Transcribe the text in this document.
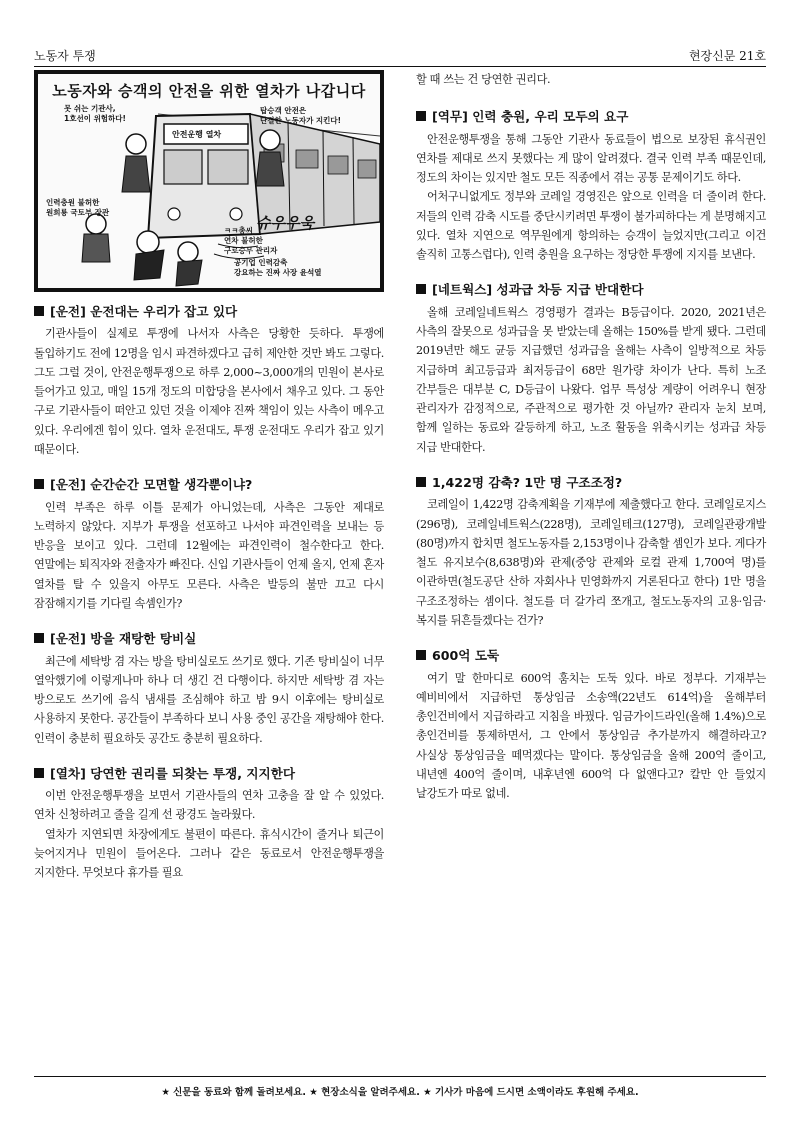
노동자 투쟁	현장신문 21호
노동자와 승객의 안전을 위한 열차가 나갑니다
못 쉬는 기관사,
1호선이 위험하다!
탑승객 안전은
단결한 노동자가 지킨다!
안전운행 열차
인력충원 불허한
원희룡 국토부 장관
슈우우욱
ㅋㅋ총씨
연차 불허한
구로승무 관리자
공기업 인력감축
강요하는 진짜 사장 윤석열
[운전] 운전대는 우리가 잡고 있다

기관사들이 실제로 투쟁에 나서자 사측은 당황한 듯하다. 투쟁에 돌입하기도 전에 12명을 임시 파견하겠다고 급히 제안한 것만 봐도 그렇다. 그도 그럴 것이, 안전운행투쟁으로 하루 2,000~3,000개의 민원이 본사로 들어가고 있고, 매일 15개 정도의 미합당을 본사에서 채우고 있다. 그 동안 구로 기관사들이 떠안고 있던 것을 이제야 진짜 책임이 있는 사측이 메우고 있다. 우리에겐 힘이 있다. 열차 운전대도, 투쟁 운전대도 우리가 잡고 있기 때문이다.

[운전] 순간순간 모면할 생각뿐이냐?

인력 부족은 하루 이틀 문제가 아니었는데, 사측은 그동안 제대로 노력하지 않았다. 지부가 투쟁을 선포하고 나서야 파견인력을 보내는 등 반응을 보이고 있다. 그런데 12월에는 파견인력이 철수한다고 한다. 연말에는 퇴직자와 전출자가 빠진다. 신입 기관사들이 언제 올지, 언제 혼자 열차를 탈 수 있을지 아무도 모른다. 사측은 발등의 불만 끄고 다시 잠잠해지기를 기다릴 속셈인가?

[운전] 방을 재탕한 탕비실

최근에 세탁방 겸 자는 방을 탕비실로도 쓰기로 했다. 기존 탕비실이 너무 열악했기에 이렇게나마 하나 더 생긴 건 다행이다. 하지만 세탁방 겸 자는 방으로도 쓰기에 음식 냄새를 조심해야 하고 밤 9시 이후에는 탕비실로 사용하지 못한다. 공간들이 부족하다 보니 사용 중인 공간을 재탕해야 한다. 인력이 충분히 필요하듯 공간도 충분히 필요하다.

[열차] 당연한 권리를 되찾는 투쟁, 지지한다

이번 안전운행투쟁을 보면서 기관사들의 연차 고충을 잘 알 수 있었다. 연차 신청하려고 줄을 길게 선 광경도 놀라웠다.

열차가 지연되면 차장에게도 불편이 따른다. 휴식시간이 줄거나 퇴근이 늦어지거나 민원이 들어온다. 그러나 같은 동료로서 안전운행투쟁을 지지한다. 무엇보다 휴가를 필요

할 때 쓰는 건 당연한 권리다.

[역무] 인력 충원, 우리 모두의 요구

안전운행투쟁을 통해 그동안 기관사 동료들이 법으로 보장된 휴식권인 연차를 제대로 쓰지 못했다는 게 많이 알려졌다. 결국 인력 부족 때문인데, 정도의 차이는 있지만 철도 모든 직종에서 겪는 공통 문제이기도 하다.

어처구니없게도 정부와 코레일 경영진은 앞으로 인력을 더 줄이려 한다. 저들의 인력 감축 시도를 중단시키려면 투쟁이 불가피하다는 게 분명해지고 있다. 열차 지연으로 역무원에게 항의하는 승객이 늘었지만(그리고 이건 솔직히 고통스럽다), 인력 충원을 요구하는 정당한 투쟁에 지지를 보낸다.

[네트웍스] 성과급 차등 지급 반대한다

올해 코레일네트웍스 경영평가 결과는 B등급이다. 2020, 2021년은 사측의 잘못으로 성과급을 못 받았는데 올해는 150%를 받게 됐다. 그런데 2019년만 해도 균등 지급했던 성과급을 올해는 사측이 일방적으로 차등 지급하며 최고등급과 최저등급이 68만 원가량 차이가 난다. 특히 노조 간부들은 대부분 C, D등급이 나왔다. 업무 특성상 계량이 어려우니 현장 관리자가 감정적으로, 주관적으로 평가한 것 아닐까? 관리자 눈치 보며, 함께 일하는 동료와 갈등하게 하고, 노조 활동을 위축시키는 성과급 차등 지급 반대한다.

1,422명 감축? 1만 명 구조조정?

코레일이 1,422명 감축계획을 기재부에 제출했다고 한다. 코레일로지스(296명), 코레일네트웍스(228명), 코레일테크(127명), 코레일관광개발(80명)까지 합치면 철도노동자를 2,153명이나 감축할 셈인가 보다. 게다가 철도 유지보수(8,638명)와 관제(중앙 관제와 로컬 관제 1,700여 명)를 이관하면(철도공단 산하 자회사나 민영화까지 거론된다고 한다) 1만 명을 구조조정하는 셈이다. 철도를 더 갈가리 쪼개고, 철도노동자의 고용·임금·복지를 뒤흔들겠다는 건가?

600억 도둑

여기 말 한마디로 600억 훔치는 도둑 있다. 바로 정부다. 기재부는 예비비에서 지급하던 통상임금 소송액(22년도 614억)을 올해부터 총인건비에서 지급하라고 지침을 바꿨다. 임금가이드라인(올해 1.4%)으로 총인건비를 통제하면서, 그 안에서 통상임금 추가분까지 해결하라고? 사실상 통상임금을 떼먹겠다는 말이다. 통상임금을 올해 200억 줄이고, 내년엔 400억 줄이며, 내후년엔 600억 다 없앤다고? 칼만 안 들었지 날강도가 따로 없네.

★ 신문을 동료와 함께 돌려보세요. ★ 현장소식을 알려주세요. ★ 기사가 마음에 드시면 소액이라도 후원해 주세요.
